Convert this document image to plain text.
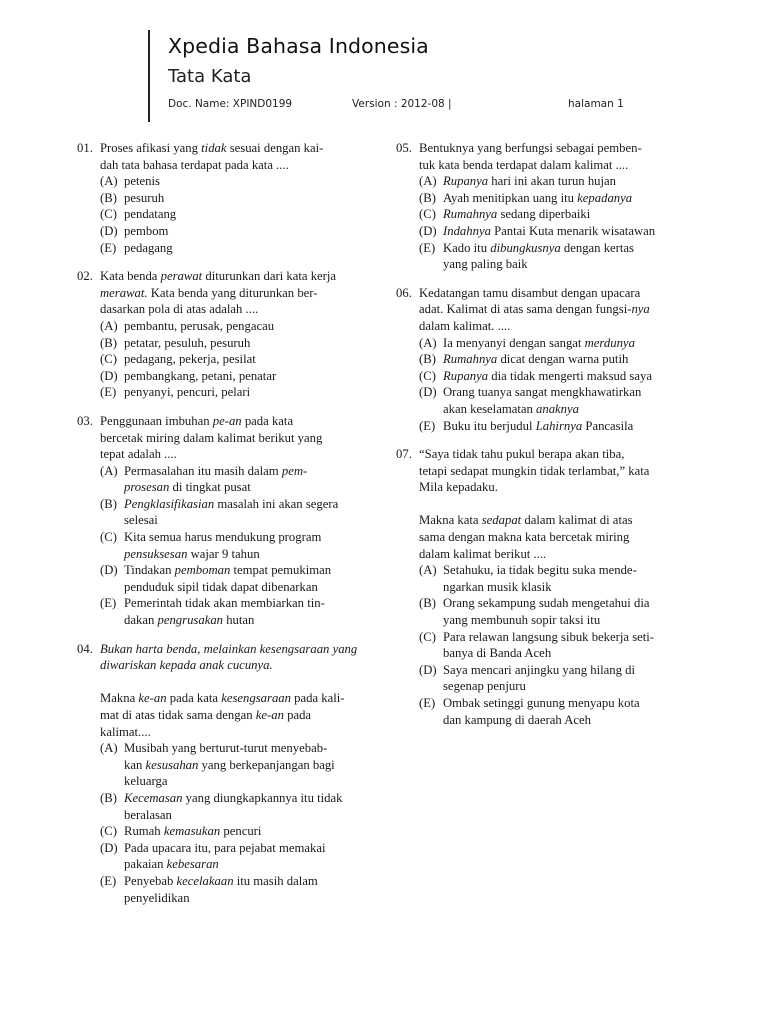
Xpedia Bahasa Indonesia
Tata Kata
Doc. Name: XPIND0199	Version : 2012-08 |	halaman 1
01. Proses afikasi yang tidak sesuai dengan kai-
dah tata bahasa terdapat pada kata ....
(A) petenis
(B) pesuruh
(C) pendatang
(D) pembom
(E) pedagang
02. Kata benda perawat diturunkan dari kata kerja
merawat. Kata benda yang diturunkan ber-
dasarkan pola di atas adalah ....
(A) pembantu, perusak, pengacau
(B) petatar, pesuluh, pesuruh
(C) pedagang, pekerja, pesilat
(D) pembangkang, petani, penatar
(E) penyanyi, pencuri, pelari
03. Penggunaan imbuhan pe-an pada kata
bercetak miring dalam kalimat berikut yang
tepat adalah ....
(A) Permasalahan itu masih dalam pem-
prosesan di tingkat pusat
(B) Pengklasifikasian masalah ini akan segera
selesai
(C) Kita semua harus mendukung program
pensuksesan wajar 9 tahun
(D) Tindakan pemboman tempat pemukiman
penduduk sipil tidak dapat dibenarkan
(E) Pemerintah tidak akan membiarkan tin-
dakan pengrusakan hutan
04. Bukan harta benda, melainkan kesengsaraan yang
diwariskan kepada anak cucunya.
Makna ke-an pada kata kesengsaraan pada kali-
mat di atas tidak sama dengan ke-an pada
kalimat....
(A) Musibah yang berturut-turut menyebab-
kan kesusahan yang berkepanjangan bagi
keluarga
(B) Kecemasan yang diungkapkannya itu tidak
beralasan
(C) Rumah kemasukan pencuri
(D) Pada upacara itu, para pejabat memakai
pakaian kebesaran
(E) Penyebab kecelakaan itu masih dalam
penyelidikan
05. Bentuknya yang berfungsi sebagai pemben-
tuk kata benda terdapat dalam kalimat ....
(A) Rupanya hari ini akan turun hujan
(B) Ayah menitipkan uang itu kepadanya
(C) Rumahnya sedang diperbaiki
(D) Indahnya Pantai Kuta menarik wisatawan
(E) Kado itu dibungkusnya dengan kertas
yang paling baik
06. Kedatangan tamu disambut dengan upacara
adat. Kalimat di atas sama dengan fungsi-nya
dalam kalimat. ....
(A) Ia menyanyi dengan sangat merdunya
(B) Rumahnya dicat dengan warna putih
(C) Rupanya dia tidak mengerti maksud saya
(D) Orang tuanya sangat mengkhawatirkan
akan keselamatan anaknya
(E) Buku itu berjudul Lahirnya Pancasila
07. “Saya tidak tahu pukul berapa akan tiba,
tetapi sedapat mungkin tidak terlambat,” kata
Mila kepadaku.
Makna kata sedapat dalam kalimat di atas
sama dengan makna kata bercetak miring
dalam kalimat berikut ....
(A) Setahuku, ia tidak begitu suka mende-
ngarkan musik klasik
(B) Orang sekampung sudah mengetahui dia
yang membunuh sopir taksi itu
(C) Para relawan langsung sibuk bekerja seti-
banya di Banda Aceh
(D) Saya mencari anjingku yang hilang di
segenap penjuru
(E) Ombak setinggi gunung menyapu kota
dan kampung di daerah Aceh
